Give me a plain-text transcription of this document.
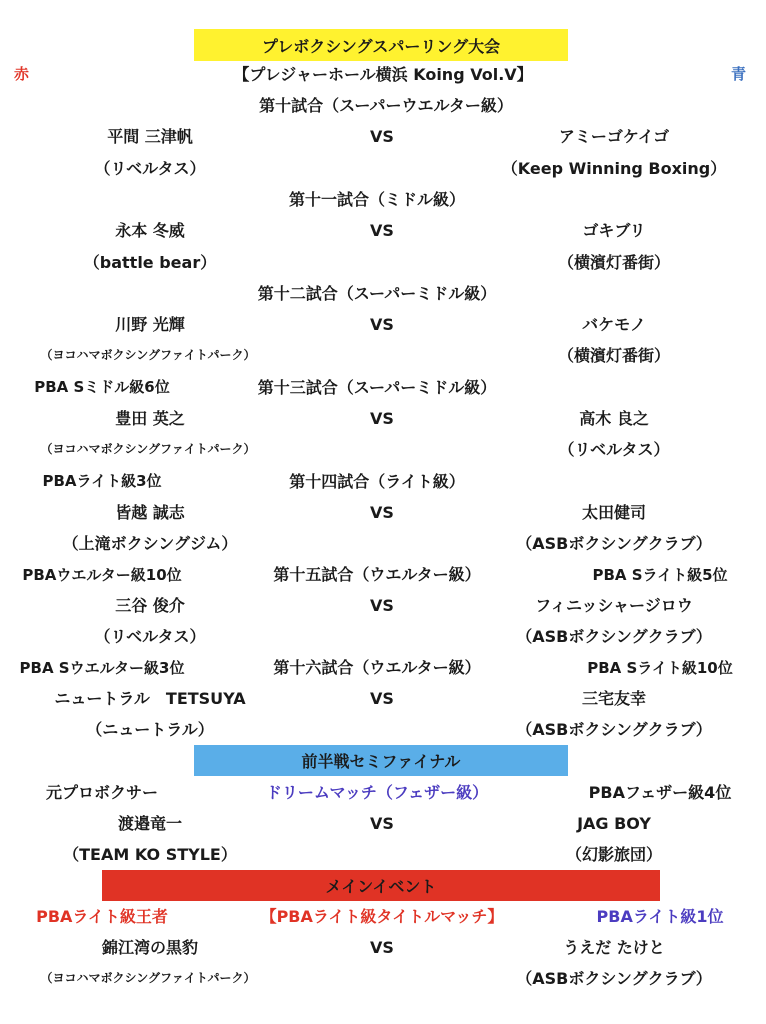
プレボクシングスパーリング大会
赤	青
【プレジャーホール横浜 Koing Vol.Ⅴ】
第十試合（スーパーウエルター級）
平間 三津帆	VS	アミーゴケイゴ
（リベルタス）	（Keep Winning Boxing）
第十一試合（ミドル級）
永本 冬威	VS	ゴキブリ
（battle bear）	（横濱灯番街）
第十二試合（スーパーミドル級）
川野 光輝	VS	バケモノ
（ヨコハマボクシングファイトパーク）	（横濱灯番街）
PBA Sミドル級6位	第十三試合（スーパーミドル級）
豊田 英之	VS	高木 良之
（ヨコハマボクシングファイトパーク）	（リベルタス）
PBAライト級3位	第十四試合（ライト級）
皆越 誠志	VS	太田健司
（上滝ボクシングジム）	（ASBボクシングクラブ）
PBAウエルター級10位	第十五試合（ウエルター級）	PBA Sライト級5位
三谷 俊介	VS	フィニッシャージロウ
（リベルタス）	（ASBボクシングクラブ）
PBA Sウエルター級3位	第十六試合（ウエルター級）	PBA Sライト級10位
ニュートラル　TETSUYA	VS	三宅友幸
（ニュートラル）	（ASBボクシングクラブ）
前半戦セミファイナル
元プロボクサー	ドリームマッチ（フェザー級）	PBAフェザー級4位
渡邉竜一	VS	JAG BOY
（TEAM KO STYLE）	（幻影旅団）
メインイベント
PBAライト級王者	【PBAライト級タイトルマッチ】	PBAライト級1位
錦江湾の黒豹	VS	うえだ たけと
（ヨコハマボクシングファイトパーク）	（ASBボクシングクラブ）
